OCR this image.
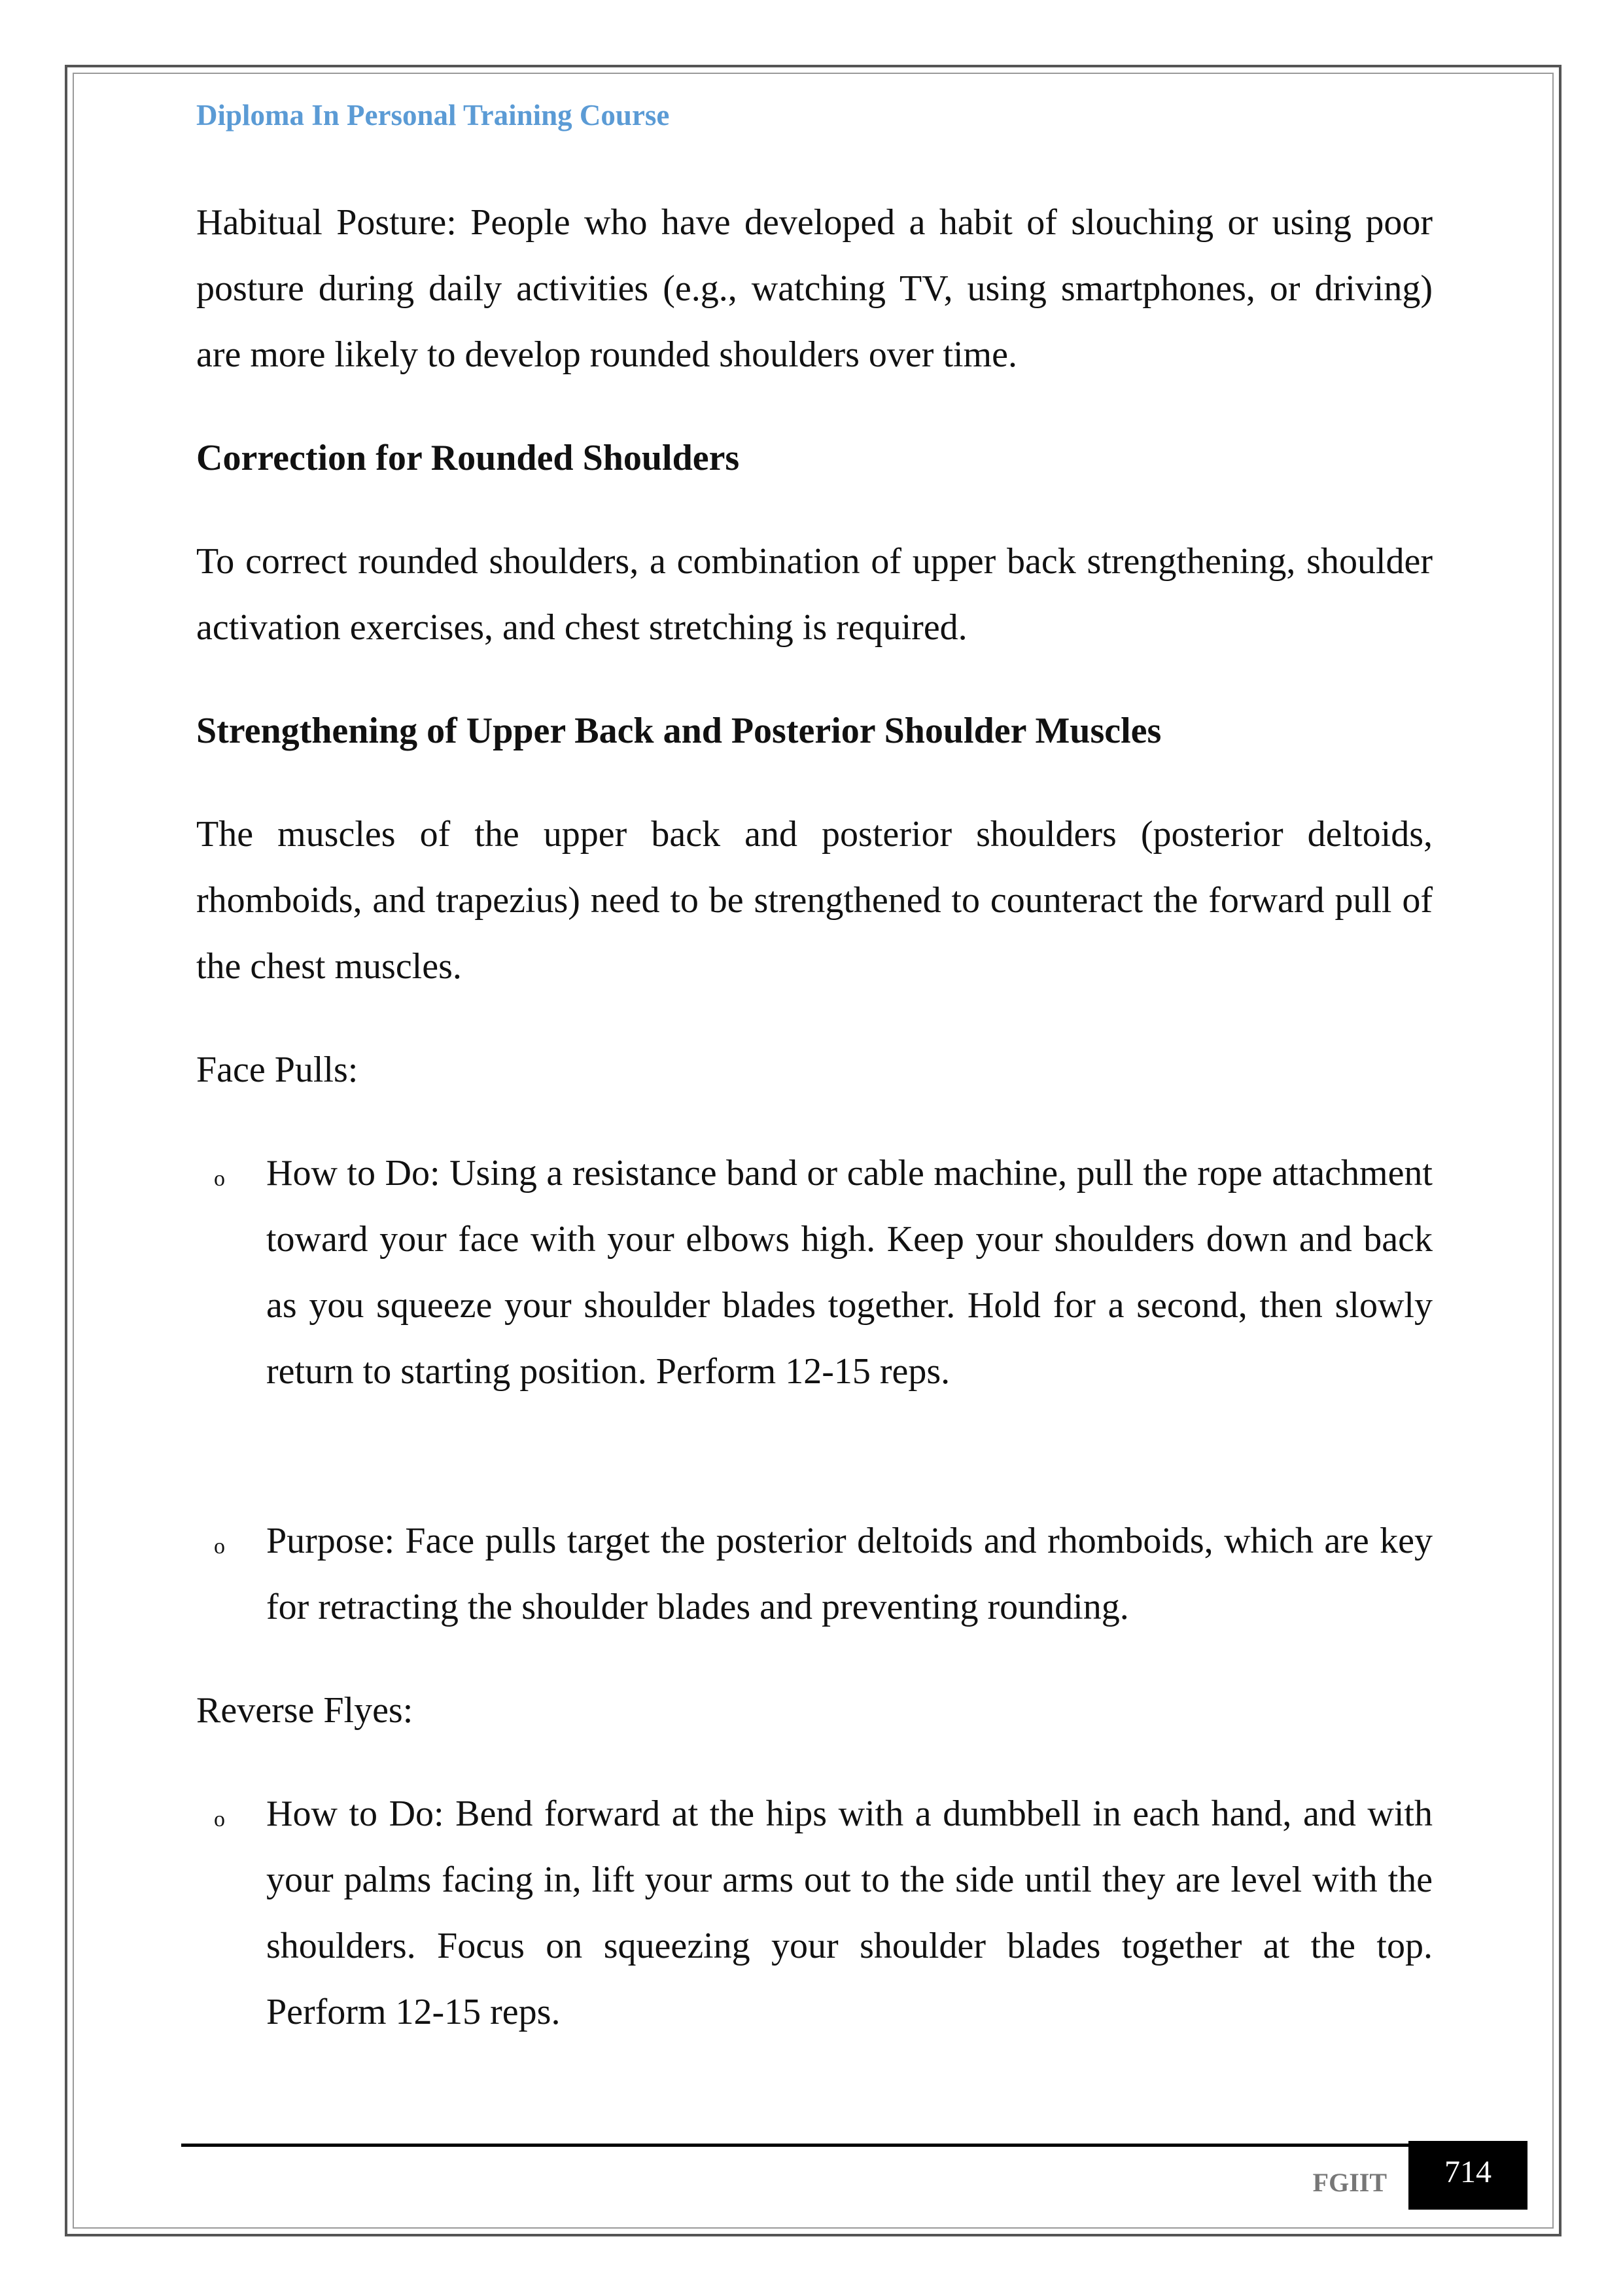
Diploma In Personal Training Course

Habitual Posture: People who have developed a habit of slouching or using poor posture during daily activities (e.g., watching TV, using smartphones, or driving) are more likely to develop rounded shoulders over time.

Correction for Rounded Shoulders

To correct rounded shoulders, a combination of upper back strengthening, shoulder activation exercises, and chest stretching is required.

Strengthening of Upper Back and Posterior Shoulder Muscles

The muscles of the upper back and posterior shoulders (posterior deltoids, rhomboids, and trapezius) need to be strengthened to counteract the forward pull of the chest muscles.

Face Pulls:
o How to Do: Using a resistance band or cable machine, pull the rope attachment toward your face with your elbows high. Keep your shoulders down and back as you squeeze your shoulder blades together. Hold for a second, then slowly return to starting position. Perform 12-15 reps.
o Purpose: Face pulls target the posterior deltoids and rhomboids, which are key for retracting the shoulder blades and preventing rounding.
Reverse Flyes:
o How to Do: Bend forward at the hips with a dumbbell in each hand, and with your palms facing in, lift your arms out to the side until they are level with the shoulders. Focus on squeezing your shoulder blades together at the top. Perform 12-15 reps.
FGIIT	714
